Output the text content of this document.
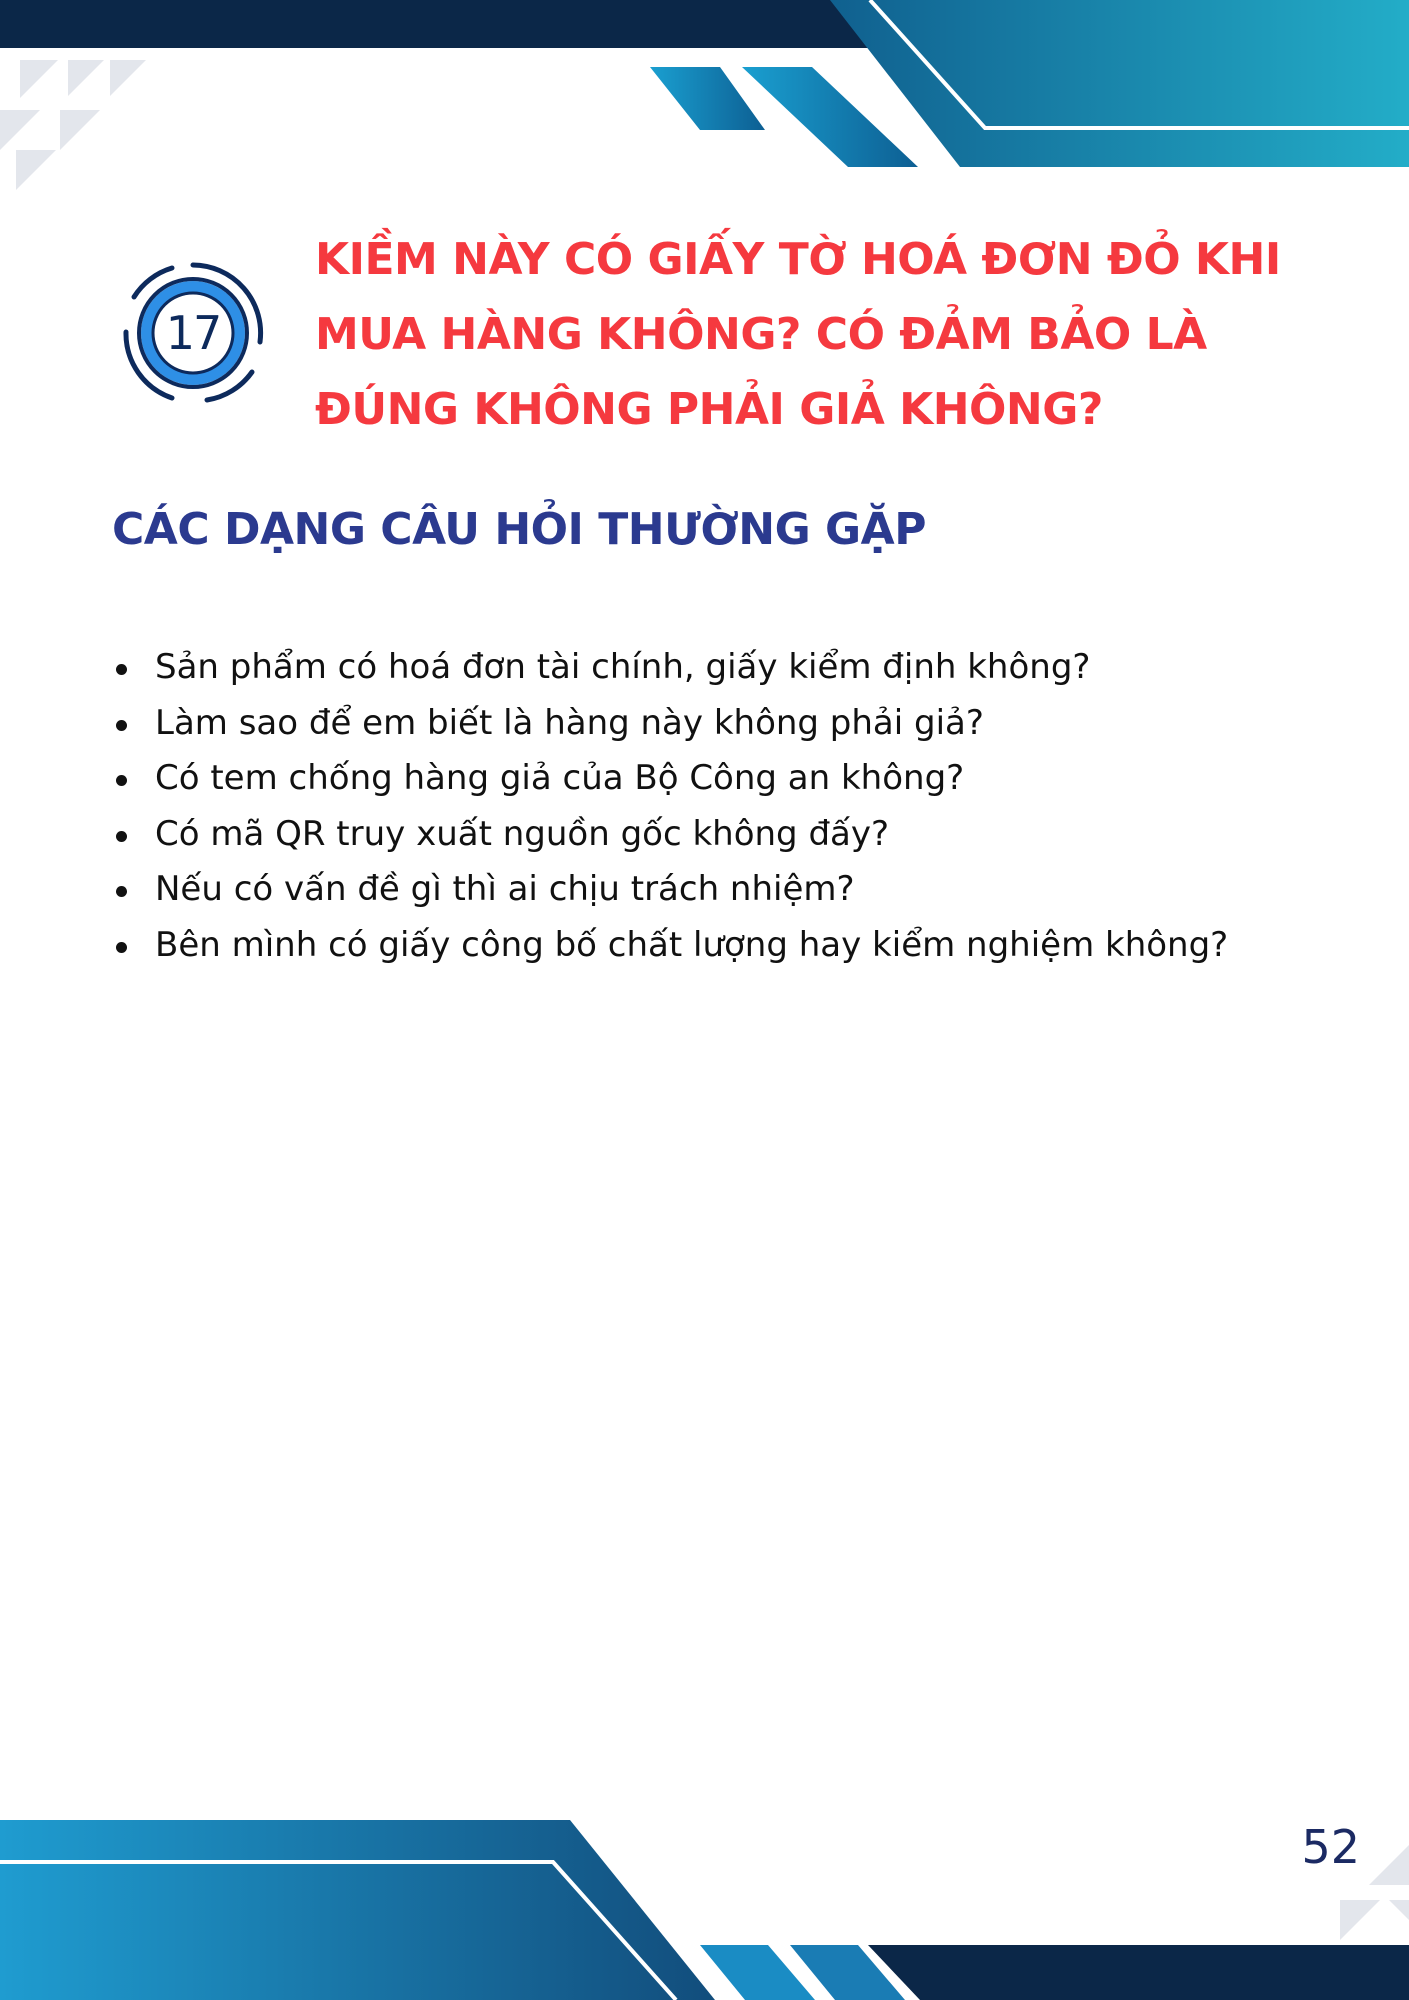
17
KIỀM NÀY CÓ GIẤY TỜ HOÁ ĐƠN ĐỎ KHI MUA HÀNG KHÔNG? CÓ ĐẢM BẢO LÀ ĐÚNG KHÔNG PHẢI GIẢ KHÔNG?
CÁC DẠNG CÂU HỎI THƯỜNG GẶP
Sản phẩm có hoá đơn tài chính, giấy kiểm định không?
Làm sao để em biết là hàng này không phải giả?
Có tem chống hàng giả của Bộ Công an không?
Có mã QR truy xuất nguồn gốc không đấy?
Nếu có vấn đề gì thì ai chịu trách nhiệm?
Bên mình có giấy công bố chất lượng hay kiểm nghiệm không?
52
